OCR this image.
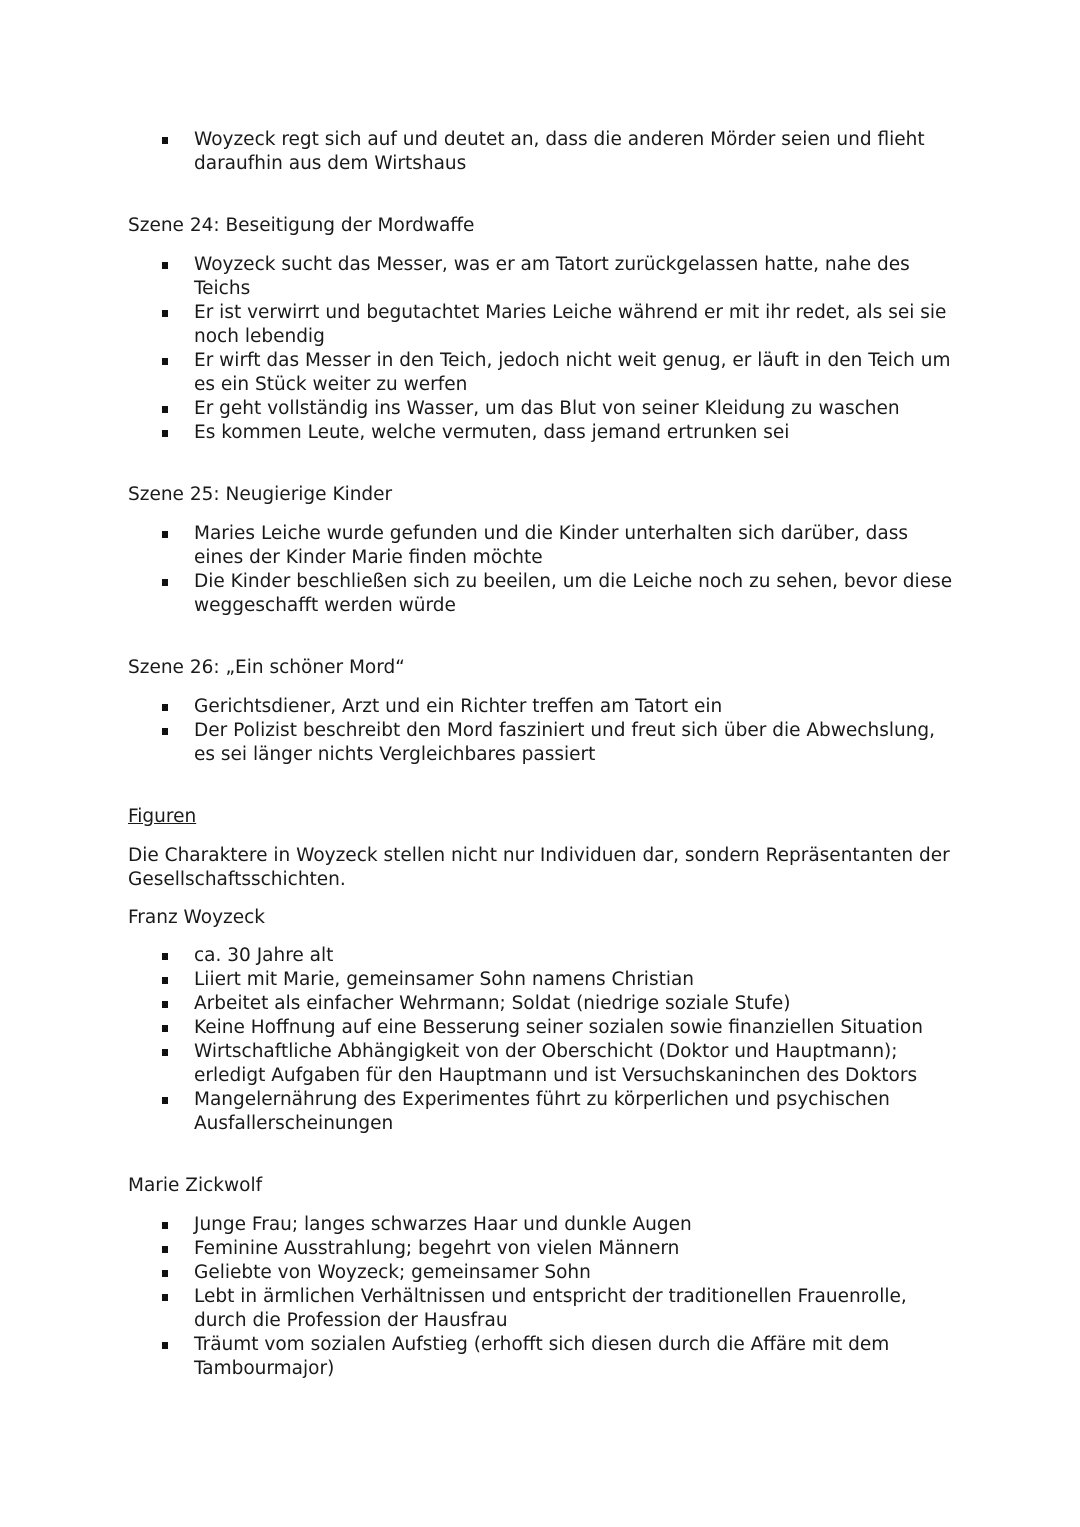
Woyzeck regt sich auf und deutet an, dass die anderen Mörder seien und flieht daraufhin aus dem Wirtshaus

Szene 24: Beseitigung der Mordwaffe

Woyzeck sucht das Messer, was er am Tatort zurückgelassen hatte, nahe des Teichs
Er ist verwirrt und begutachtet Maries Leiche während er mit ihr redet, als sei sie noch lebendig
Er wirft das Messer in den Teich, jedoch nicht weit genug, er läuft in den Teich um es ein Stück weiter zu werfen
Er geht vollständig ins Wasser, um das Blut von seiner Kleidung zu waschen
Es kommen Leute, welche vermuten, dass jemand ertrunken sei

Szene 25: Neugierige Kinder

Maries Leiche wurde gefunden und die Kinder unterhalten sich darüber, dass eines der Kinder Marie finden möchte
Die Kinder beschließen sich zu beeilen, um die Leiche noch zu sehen, bevor diese weggeschafft werden würde

Szene 26: „Ein schöner Mord“

Gerichtsdiener, Arzt und ein Richter treffen am Tatort ein
Der Polizist beschreibt den Mord fasziniert und freut sich über die Abwechslung, es sei länger nichts Vergleichbares passiert

Figuren

Die Charaktere in Woyzeck stellen nicht nur Individuen dar, sondern Repräsentanten der Gesellschaftsschichten.

Franz Woyzeck

ca. 30 Jahre alt
Liiert mit Marie, gemeinsamer Sohn namens Christian
Arbeitet als einfacher Wehrmann; Soldat (niedrige soziale Stufe)
Keine Hoffnung auf eine Besserung seiner sozialen sowie finanziellen Situation
Wirtschaftliche Abhängigkeit von der Oberschicht (Doktor und Hauptmann); erledigt Aufgaben für den Hauptmann und ist Versuchskaninchen des Doktors
Mangelernährung des Experimentes führt zu körperlichen und psychischen Ausfallerscheinungen

Marie Zickwolf

Junge Frau; langes schwarzes Haar und dunkle Augen
Feminine Ausstrahlung; begehrt von vielen Männern
Geliebte von Woyzeck; gemeinsamer Sohn
Lebt in ärmlichen Verhältnissen und entspricht der traditionellen Frauenrolle, durch die Profession der Hausfrau
Träumt vom sozialen Aufstieg (erhofft sich diesen durch die Affäre mit dem Tambourmajor)
